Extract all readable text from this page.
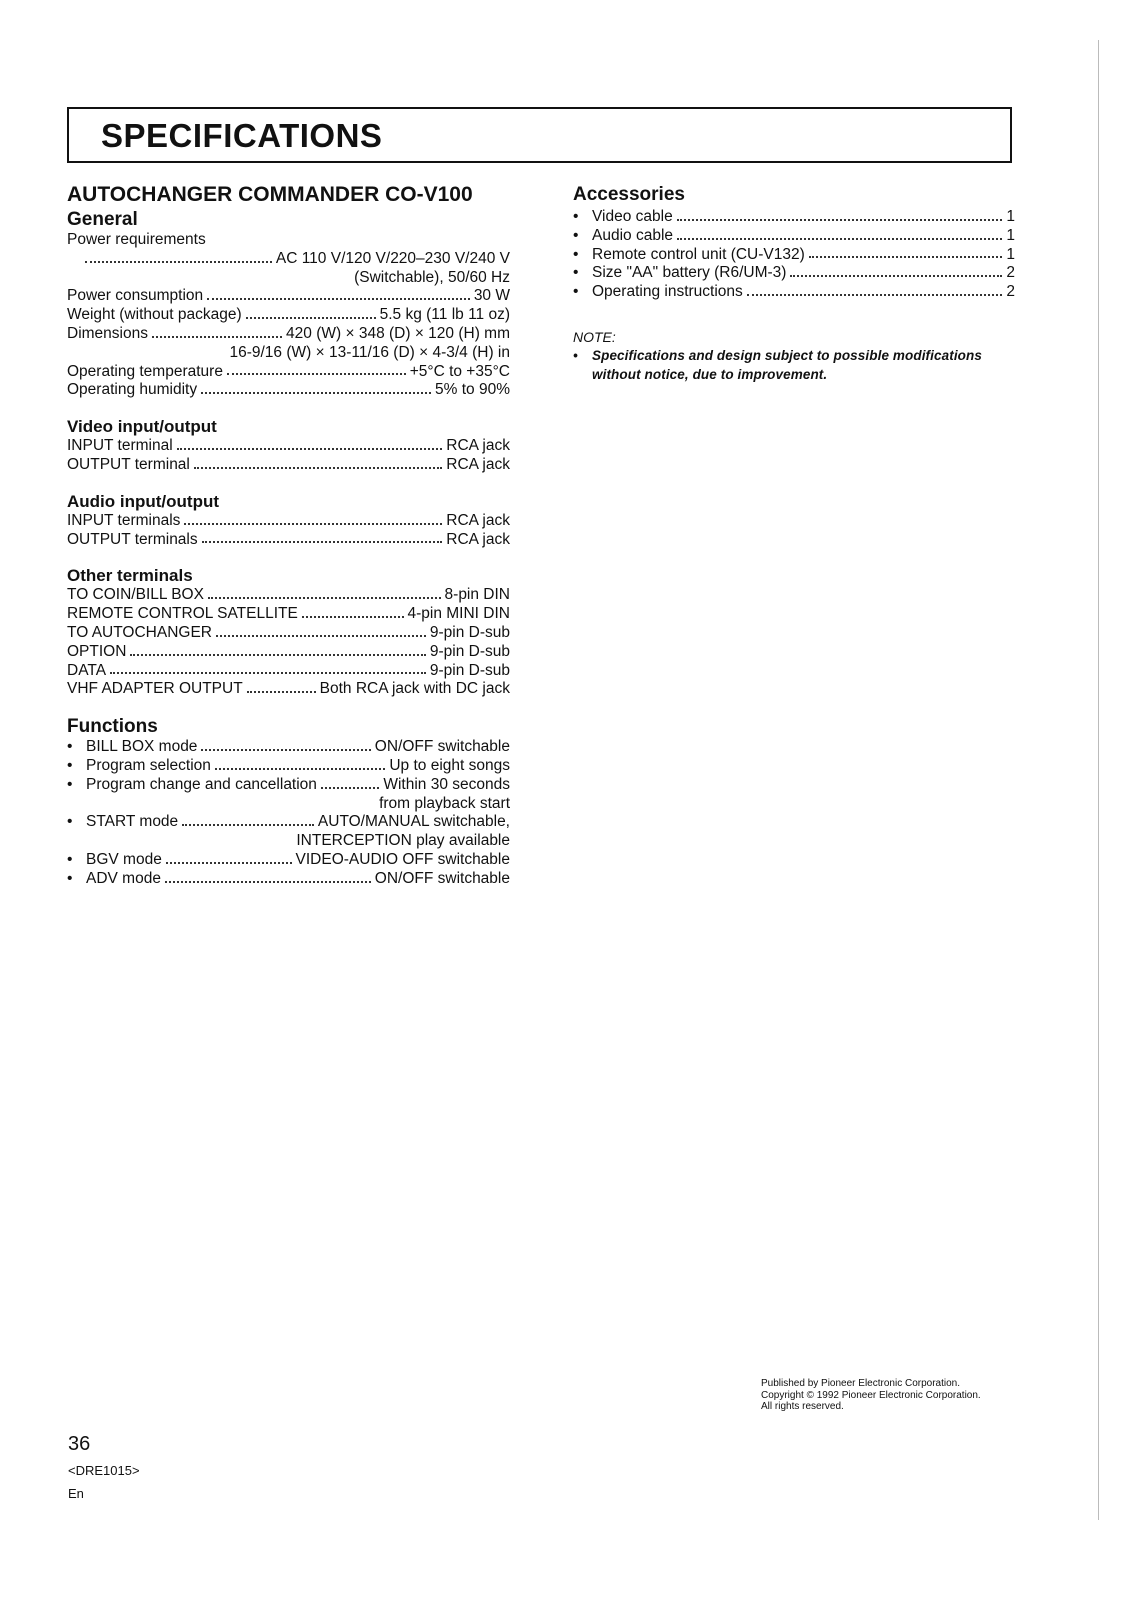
SPECIFICATIONS
AUTOCHANGER COMMANDER CO-V100
General
Power requirements
AC 110 V/120 V/220–230 V/240 V
(Switchable), 50/60 Hz
Power consumption	30 W
Weight (without package)	5.5 kg (11 lb 11 oz)
Dimensions	420 (W) × 348 (D) × 120 (H) mm
16-9/16 (W) × 13-11/16 (D) × 4-3/4 (H) in
Operating temperature	+5°C to +35°C
Operating humidity	5% to 90%
Video input/output
INPUT terminal	RCA jack
OUTPUT terminal	RCA jack
Audio input/output
INPUT terminals	RCA jack
OUTPUT terminals	RCA jack
Other terminals
TO COIN/BILL BOX	8-pin DIN
REMOTE CONTROL SATELLITE	4-pin MINI DIN
TO AUTOCHANGER	9-pin D-sub
OPTION	9-pin D-sub
DATA	9-pin D-sub
VHF ADAPTER OUTPUT	Both RCA jack with DC jack
Functions
• BILL BOX mode	ON/OFF switchable
• Program selection	Up to eight songs
• Program change and cancellation	Within 30 seconds
from playback start
• START mode	AUTO/MANUAL switchable,
INTERCEPTION play available
• BGV mode	VIDEO-AUDIO OFF switchable
• ADV mode	ON/OFF switchable
Accessories
• Video cable	1
• Audio cable	1
• Remote control unit (CU-V132)	1
• Size "AA" battery (R6/UM-3)	2
• Operating instructions	2
NOTE:
• Specifications and design subject to possible modifications without notice, due to improvement.
Published by Pioneer Electronic Corporation.
Copyright © 1992 Pioneer Electronic Corporation.
All rights reserved.
36
<DRE1015>
En
